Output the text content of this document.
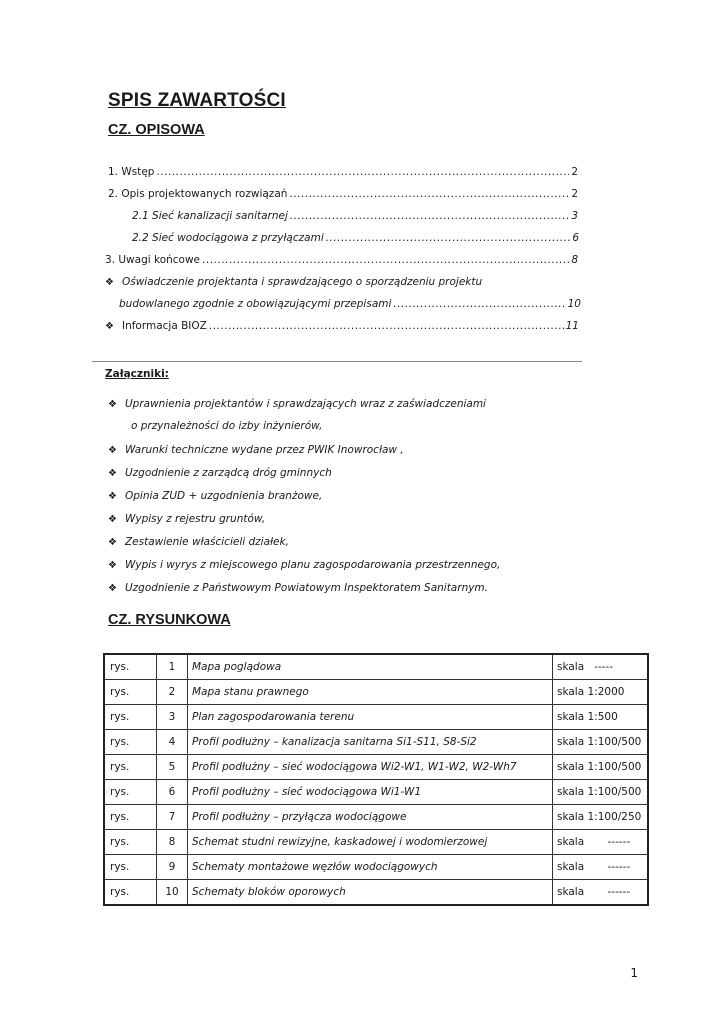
SPIS ZAWARTOŚCI
CZ. OPISOWA
1. Wstęp .....	2
2. Opis projektowanych rozwiązań .....	2
2.1 Sieć kanalizacji sanitarnej .....	3
2.2 Sieć wodociągowa z przyłączami .....	6
3. Uwagi końcowe .....	8
❖ Oświadczenie projektanta i sprawdzającego o sporządzeniu projektu
budowlanego zgodnie z obowiązującymi przepisami .....	10
❖ Informacja BIOZ .....	11
Załączniki:
❖ Uprawnienia projektantów i sprawdzających wraz z zaświadczeniami
o przynależności do izby inżynierów,
❖ Warunki techniczne wydane przez PWIK Inowrocław ,
❖ Uzgodnienie z zarządcą dróg gminnych
❖ Opinia ZUD + uzgodnienia branżowe,
❖ Wypisy z rejestru gruntów,
❖ Zestawienie właścicieli działek,
❖ Wypis i wyrys z miejscowego planu zagospodarowania przestrzennego,
❖ Uzgodnienie z Państwowym Powiatowym Inspektoratem Sanitarnym.
CZ. RYSUNKOWA
rys.	1	Mapa poglądowa	skala   -----
rys.	2	Mapa stanu prawnego	skala 1:2000
rys.	3	Plan zagospodarowania terenu	skala 1:500
rys.	4	Profil podłużny – kanalizacja sanitarna Si1-S11, S8-Si2	skala 1:100/500
rys.	5	Profil podłużny – sieć wodociągowa Wi2-W1, W1-W2, W2-Wh7	skala 1:100/500
rys.	6	Profil podłużny – sieć wodociągowa Wi1-W1	skala 1:100/500
rys.	7	Profil podłużny – przyłącza wodociągowe	skala 1:100/250
rys.	8	Schemat studni rewizyjne, kaskadowej i wodomierzowej	skala       ------
rys.	9	Schematy montażowe węzłów wodociągowych	skala       ------
rys.	10	Schematy bloków oporowych	skala       ------
1
